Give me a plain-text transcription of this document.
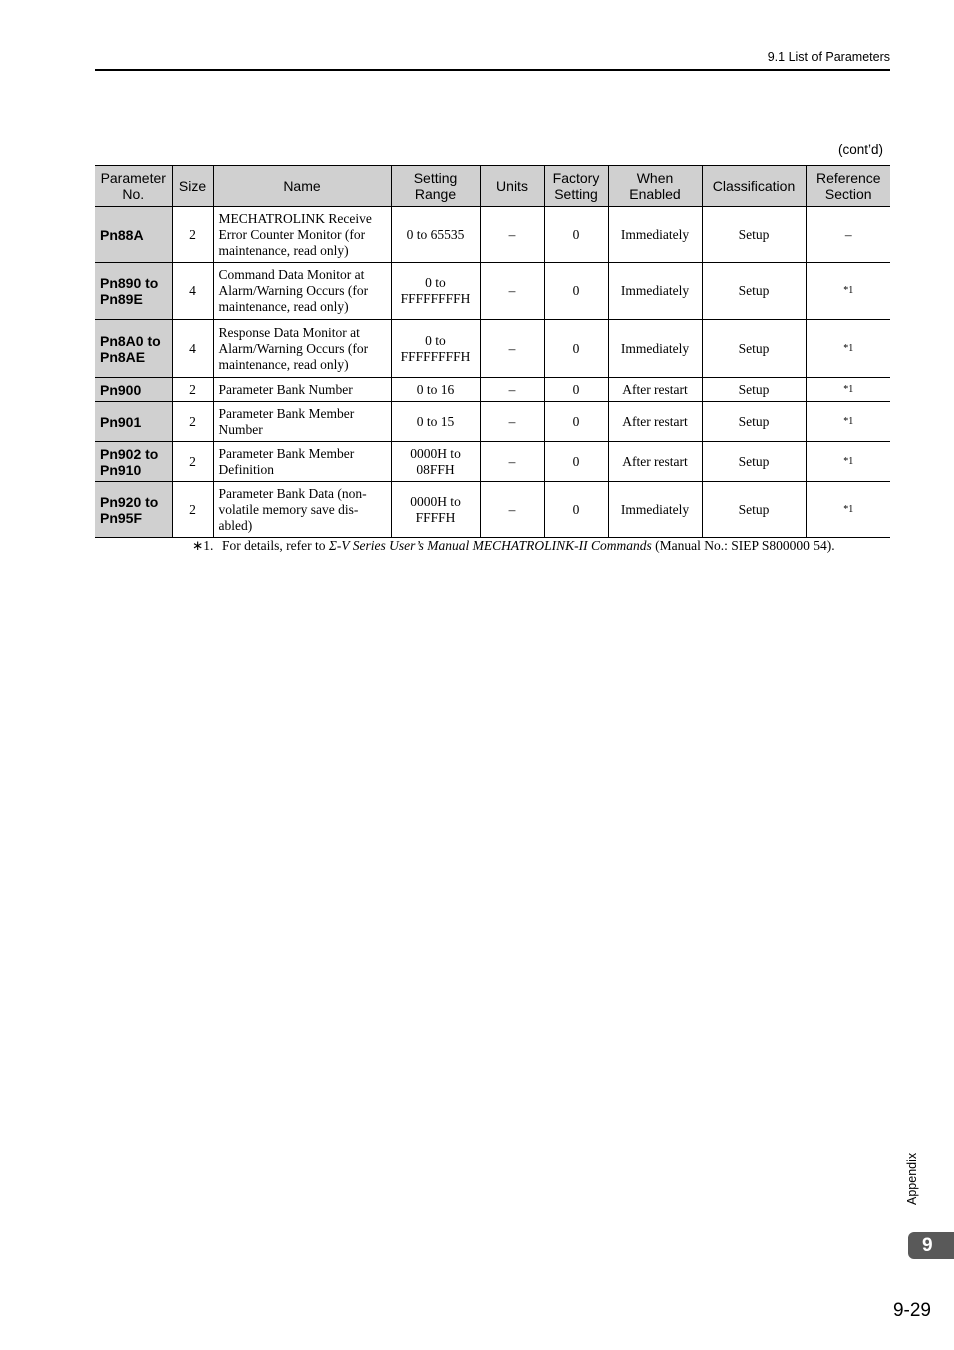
9.1 List of Parameters
(cont’d)
Parameter No.	Size	Name	Setting Range	Units	Factory Setting	When Enabled	Classification	Reference Section
Pn88A	2	MECHATROLINK Receive Error Counter Monitor (for maintenance, read only)	0 to 65535	–	0	Immediately	Setup	–
Pn890 to Pn89E	4	Command Data Monitor at Alarm/Warning Occurs (for maintenance, read only)	0 to FFFFFFFFH	–	0	Immediately	Setup	*1
Pn8A0 to Pn8AE	4	Response Data Monitor at Alarm/Warning Occurs (for maintenance, read only)	0 to FFFFFFFFH	–	0	Immediately	Setup	*1
Pn900	2	Parameter Bank Number	0 to 16	–	0	After restart	Setup	*1
Pn901	2	Parameter Bank Member Number	0 to 15	–	0	After restart	Setup	*1
Pn902 to Pn910	2	Parameter Bank Member Definition	0000H to 08FFH	–	0	After restart	Setup	*1
Pn920 to Pn95F	2	Parameter Bank Data (non-volatile memory save dis-abled)	0000H to FFFFH	–	0	Immediately	Setup	*1
∗1. For details, refer to Σ-V Series User’s Manual MECHATROLINK-II Commands (Manual No.: SIEP S800000 54).
Appendix
9
9-29
